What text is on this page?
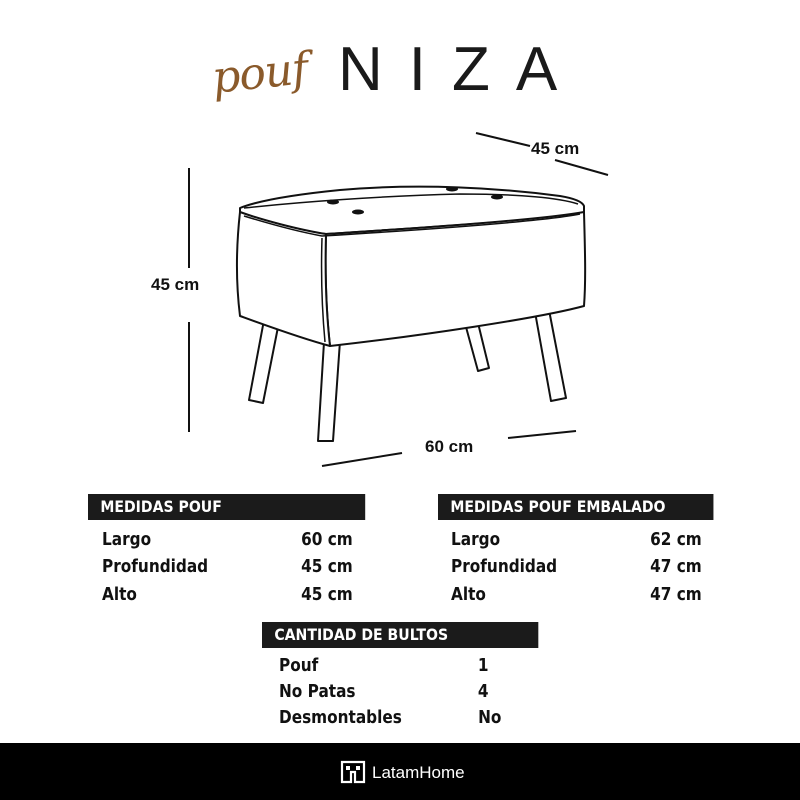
pouf NIZA
45 cm
45 cm
60 cm
MEDIDAS POUF
Largo	60 cm
Profundidad	45 cm
Alto	45 cm
MEDIDAS POUF EMBALADO
Largo	62 cm
Profundidad	47 cm
Alto	47 cm
CANTIDAD DE BULTOS
Pouf	1
No Patas	4
Desmontables	No
LatamHome
